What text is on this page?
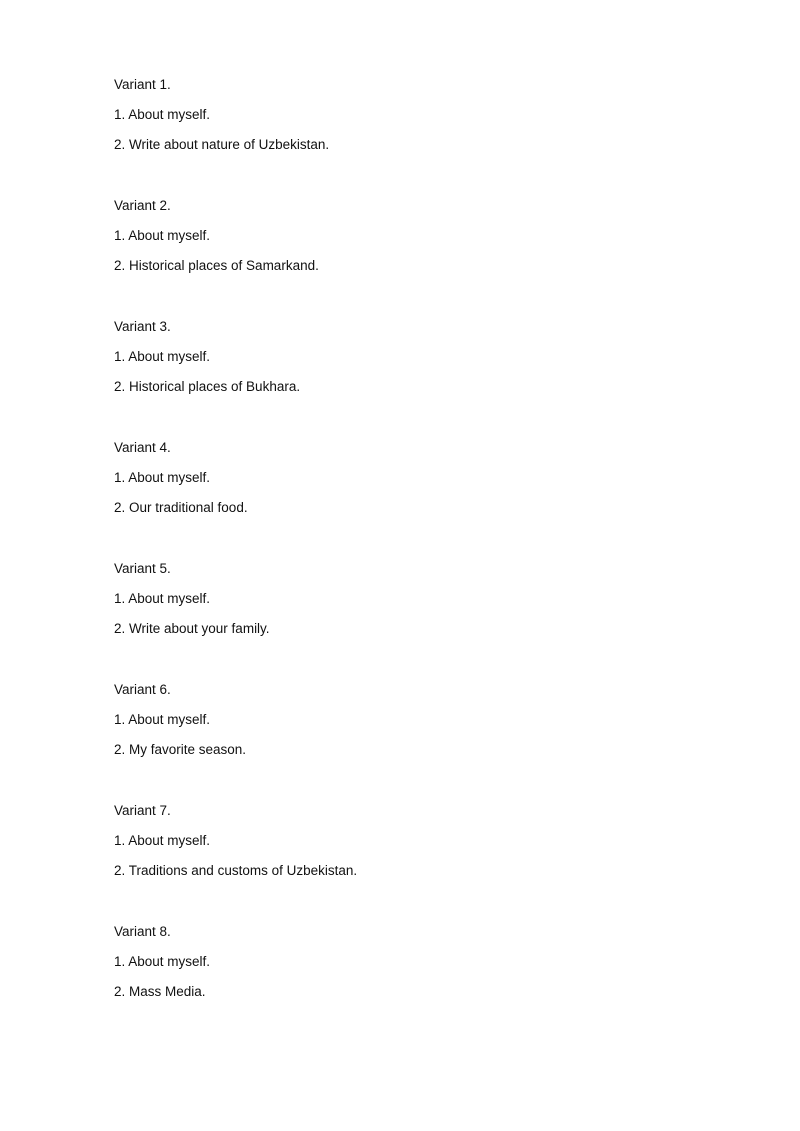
Variant 1.
1. About myself.
2. Write about nature of Uzbekistan.
Variant 2.
1. About myself.
2. Historical places of Samarkand.
Variant 3.
1. About myself.
2. Historical places of Bukhara.
Variant 4.
1. About myself.
2. Our traditional food.
Variant 5.
1. About myself.
2. Write about your family.
Variant 6.
1. About myself.
2. My favorite season.
Variant 7.
1. About myself.
2. Traditions and customs of Uzbekistan.
Variant 8.
1. About myself.
2. Mass Media.
